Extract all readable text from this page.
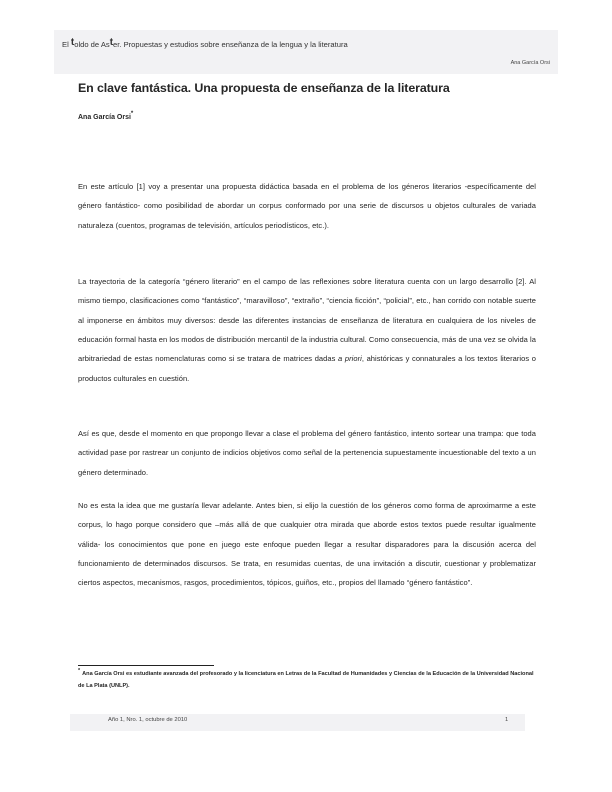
El toldo de Aster. Propuestas y estudios sobre enseñanza de la lengua y la literatura
Ana García Orsi
En clave fantástica. Una propuesta de enseñanza de la literatura
Ana García Orsi*

En este artículo [1] voy a presentar una propuesta didáctica basada en el problema de los géneros literarios -específicamente del género fantástico- como posibilidad de abordar un corpus conformado por una serie de discursos u objetos culturales de variada naturaleza (cuentos, programas de televisión, artículos periodísticos, etc.).

La trayectoria de la categoría “género literario” en el campo de las reflexiones sobre literatura cuenta con un largo desarrollo [2]. Al mismo tiempo, clasificaciones como “fantástico”, “maravilloso”, “extraño”, “ciencia ficción”, “policial”, etc., han corrido con notable suerte al imponerse en ámbitos muy diversos: desde las diferentes instancias de enseñanza de literatura en cualquiera de los niveles de educación formal hasta en los modos de distribución mercantil de la industria cultural. Como consecuencia, más de una vez se olvida la arbitrariedad de estas nomenclaturas como si se tratara de matrices dadas a priori, ahistóricas y connaturales a los textos literarios o productos culturales en cuestión.

Así es que, desde el momento en que propongo llevar a clase el problema del género fantástico, intento sortear una trampa: que toda actividad pase por rastrear un conjunto de indicios objetivos como señal de la pertenencia supuestamente incuestionable del texto a un género determinado.

No es esta la idea que me gustaría llevar adelante. Antes bien, si elijo la cuestión de los géneros como forma de aproximarme a este corpus, lo hago porque considero que –más allá de que cualquier otra mirada que aborde estos textos puede resultar igualmente válida- los conocimientos que pone en juego este enfoque pueden llegar a resultar disparadores para la discusión acerca del funcionamiento de determinados discursos. Se trata, en resumidas cuentas, de una invitación a discutir, cuestionar y problematizar ciertos aspectos, mecanismos, rasgos, procedimientos, tópicos, guiños, etc., propios del llamado “género fantástico”.

* Ana García Orsi es estudiante avanzada del profesorado y la licenciatura en Letras de la Facultad de Humanidades y Ciencias de la Educación de la Universidad Nacional de La Plata (UNLP).

Año 1, Nro. 1, octubre de 2010	1
